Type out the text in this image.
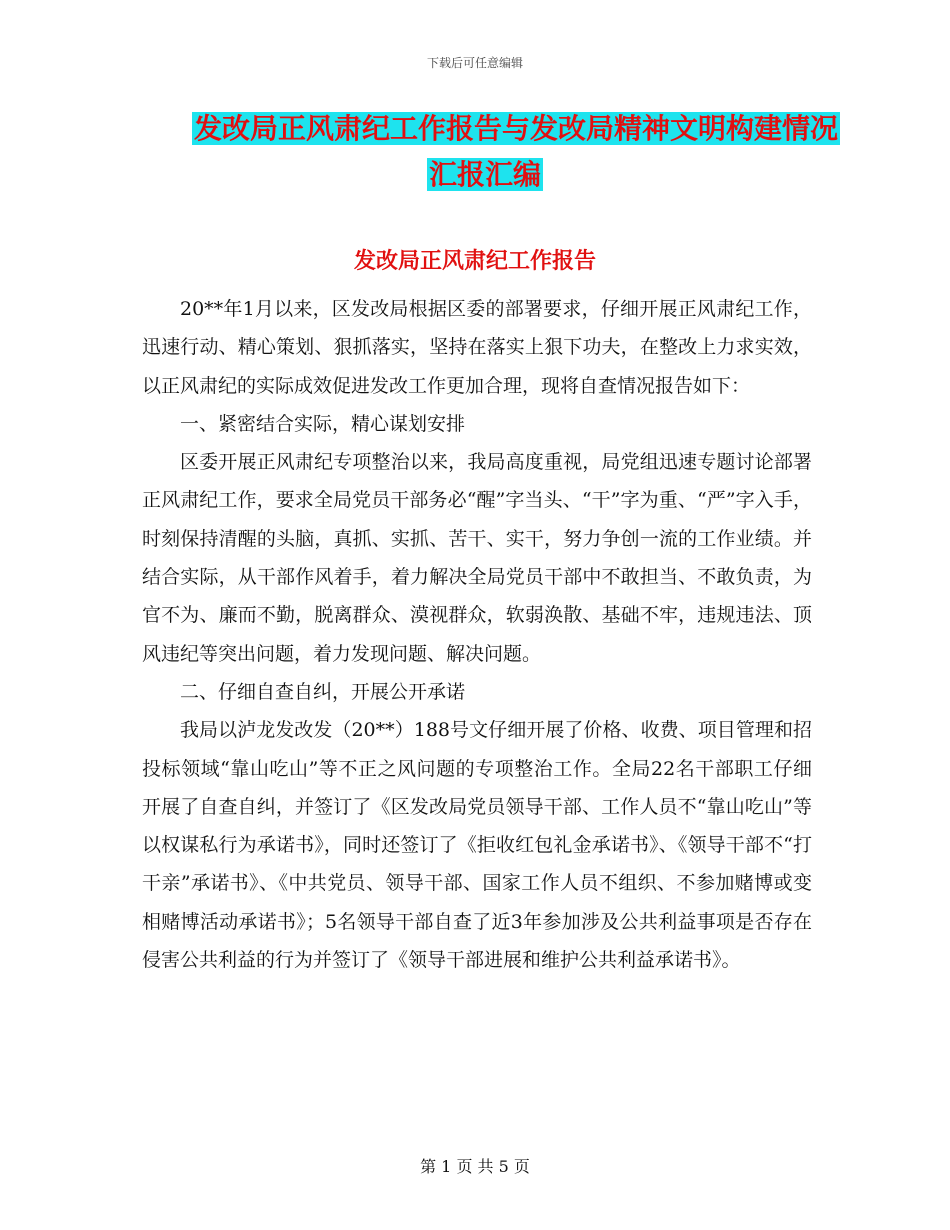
下载后可任意编辑
发改局正风肃纪工作报告与发改局精神文明构建情况
汇报汇编
发改局正风肃纪工作报告

20**年1月以来，区发改局根据区委的部署要求，仔细开展正风肃纪工作，迅速行动、精心策划、狠抓落实，坚持在落实上狠下功夫，在整改上力求实效，以正风肃纪的实际成效促进发改工作更加合理，现将自查情况报告如下：

一、紧密结合实际，精心谋划安排

区委开展正风肃纪专项整治以来，我局高度重视，局党组迅速专题讨论部署正风肃纪工作，要求全局党员干部务必“醒”字当头、“干”字为重、“严”字入手，时刻保持清醒的头脑，真抓、实抓、苦干、实干，努力争创一流的工作业绩。并结合实际，从干部作风着手，着力解决全局党员干部中不敢担当、不敢负责，为官不为、廉而不勤，脱离群众、漠视群众，软弱涣散、基础不牢，违规违法、顶风违纪等突出问题，着力发现问题、解决问题。

二、仔细自查自纠，开展公开承诺

我局以泸龙发改发（20**）188号文仔细开展了价格、收费、项目管理和招投标领域“靠山吃山”等不正之风问题的专项整治工作。全局22名干部职工仔细开展了自查自纠，并签订了《区发改局党员领导干部、工作人员不“靠山吃山”等以权谋私行为承诺书》，同时还签订了《拒收红包礼金承诺书》、《领导干部不“打干亲”承诺书》、《中共党员、领导干部、国家工作人员不组织、不参加赌博或变相赌博活动承诺书》；5名领导干部自查了近3年参加涉及公共利益事项是否存在侵害公共利益的行为并签订了《领导干部进展和维护公共利益承诺书》。

第 1 页 共 5 页
